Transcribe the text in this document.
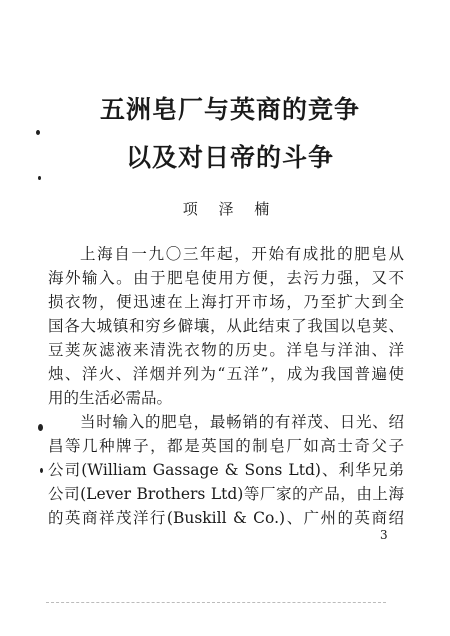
五洲皂厂与英商的竞争
以及对日帝的斗争
项 泽 楠
上海自一九〇三年起，开始有成批的肥皂从
海外输入。由于肥皂使用方便，去污力强，又不
损衣物，便迅速在上海打开市场，乃至扩大到全
国各大城镇和穷乡僻壤，从此结束了我国以皂荚、
豆荚灰滤液来清洗衣物的历史。洋皂与洋油、洋
烛、洋火、洋烟并列为“五洋”，成为我国普遍使
用的生活必需品。
当时输入的肥皂，最畅销的有祥茂、日光、绍
昌等几种牌子，都是英国的制皂厂如高士奇父子
公司(William Gassage & Sons Ltd)、利华兄弟
公司(Lever Brothers Ltd)等厂家的产品，由上海
的英商祥茂洋行(Buskill & Co.)、广州的英商绍
3
